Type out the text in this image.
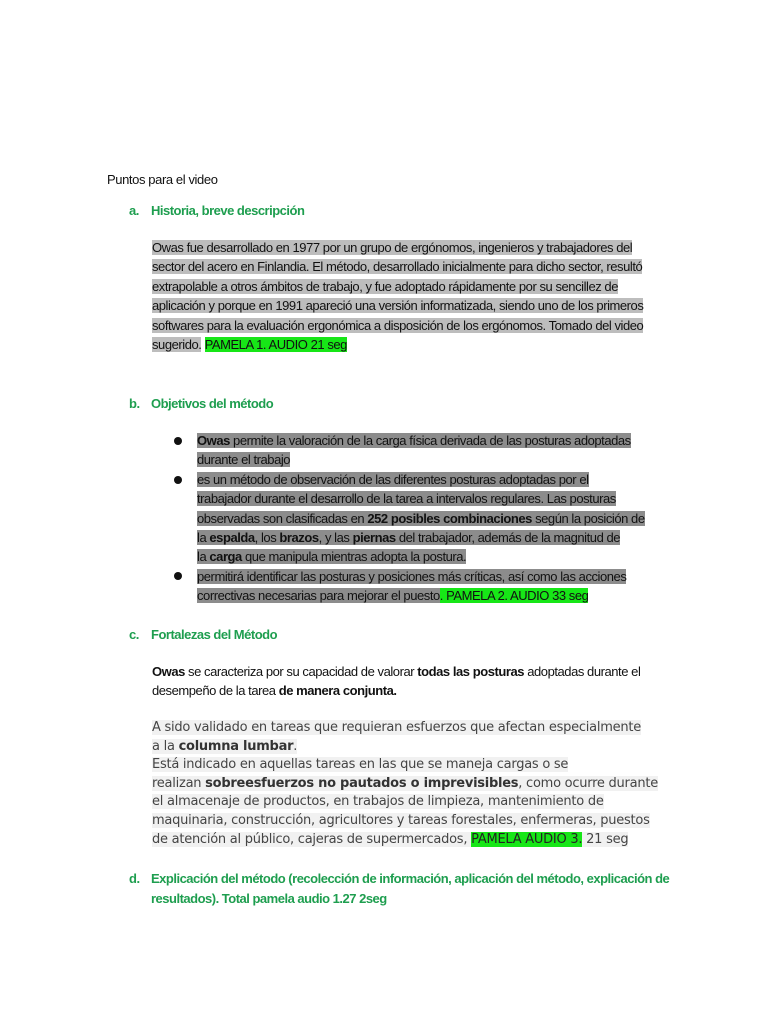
Puntos para el video
a. Historia, breve descripción
Owas fue desarrollado en 1977 por un grupo de ergónomos, ingenieros y trabajadores del
sector del acero en Finlandia. El método, desarrollado inicialmente para dicho sector, resultó
extrapolable a otros ámbitos de trabajo, y fue adoptado rápidamente por su sencillez de
aplicación y porque en 1991 apareció una versión informatizada, siendo uno de los primeros
softwares para la evaluación ergonómica a disposición de los ergónomos. Tomado del video
sugerido. PAMELA 1. AUDIO 21 seg
b. Objetivos del método
Owas permite la valoración de la carga física derivada de las posturas adoptadas
durante el trabajo
es un método de observación de las diferentes posturas adoptadas por el
trabajador durante el desarrollo de la tarea a intervalos regulares. Las posturas
observadas son clasificadas en 252 posibles combinaciones según la posición de
la espalda, los brazos, y las piernas del trabajador, además de la magnitud de
la carga que manipula mientras adopta la postura.
permitirá identificar las posturas y posiciones más críticas, así como las acciones
correctivas necesarias para mejorar el puesto. PAMELA 2. AUDIO 33 seg
c. Fortalezas del Método
Owas se caracteriza por su capacidad de valorar todas las posturas adoptadas durante el
desempeño de la tarea de manera conjunta.
A sido validado en tareas que requieran esfuerzos que afectan especialmente
a la columna lumbar.
Está indicado en aquellas tareas en las que se maneja cargas o se
realizan sobreesfuerzos no pautados o imprevisibles, como ocurre durante
el almacenaje de productos, en trabajos de limpieza, mantenimiento de
maquinaria, construcción, agricultores y tareas forestales, enfermeras, puestos
de atención al público, cajeras de supermercados, PAMELA AUDIO 3. 21 seg
d. Explicación del método (recolección de información, aplicación del método, explicación de
resultados). Total pamela audio 1.27 2seg
